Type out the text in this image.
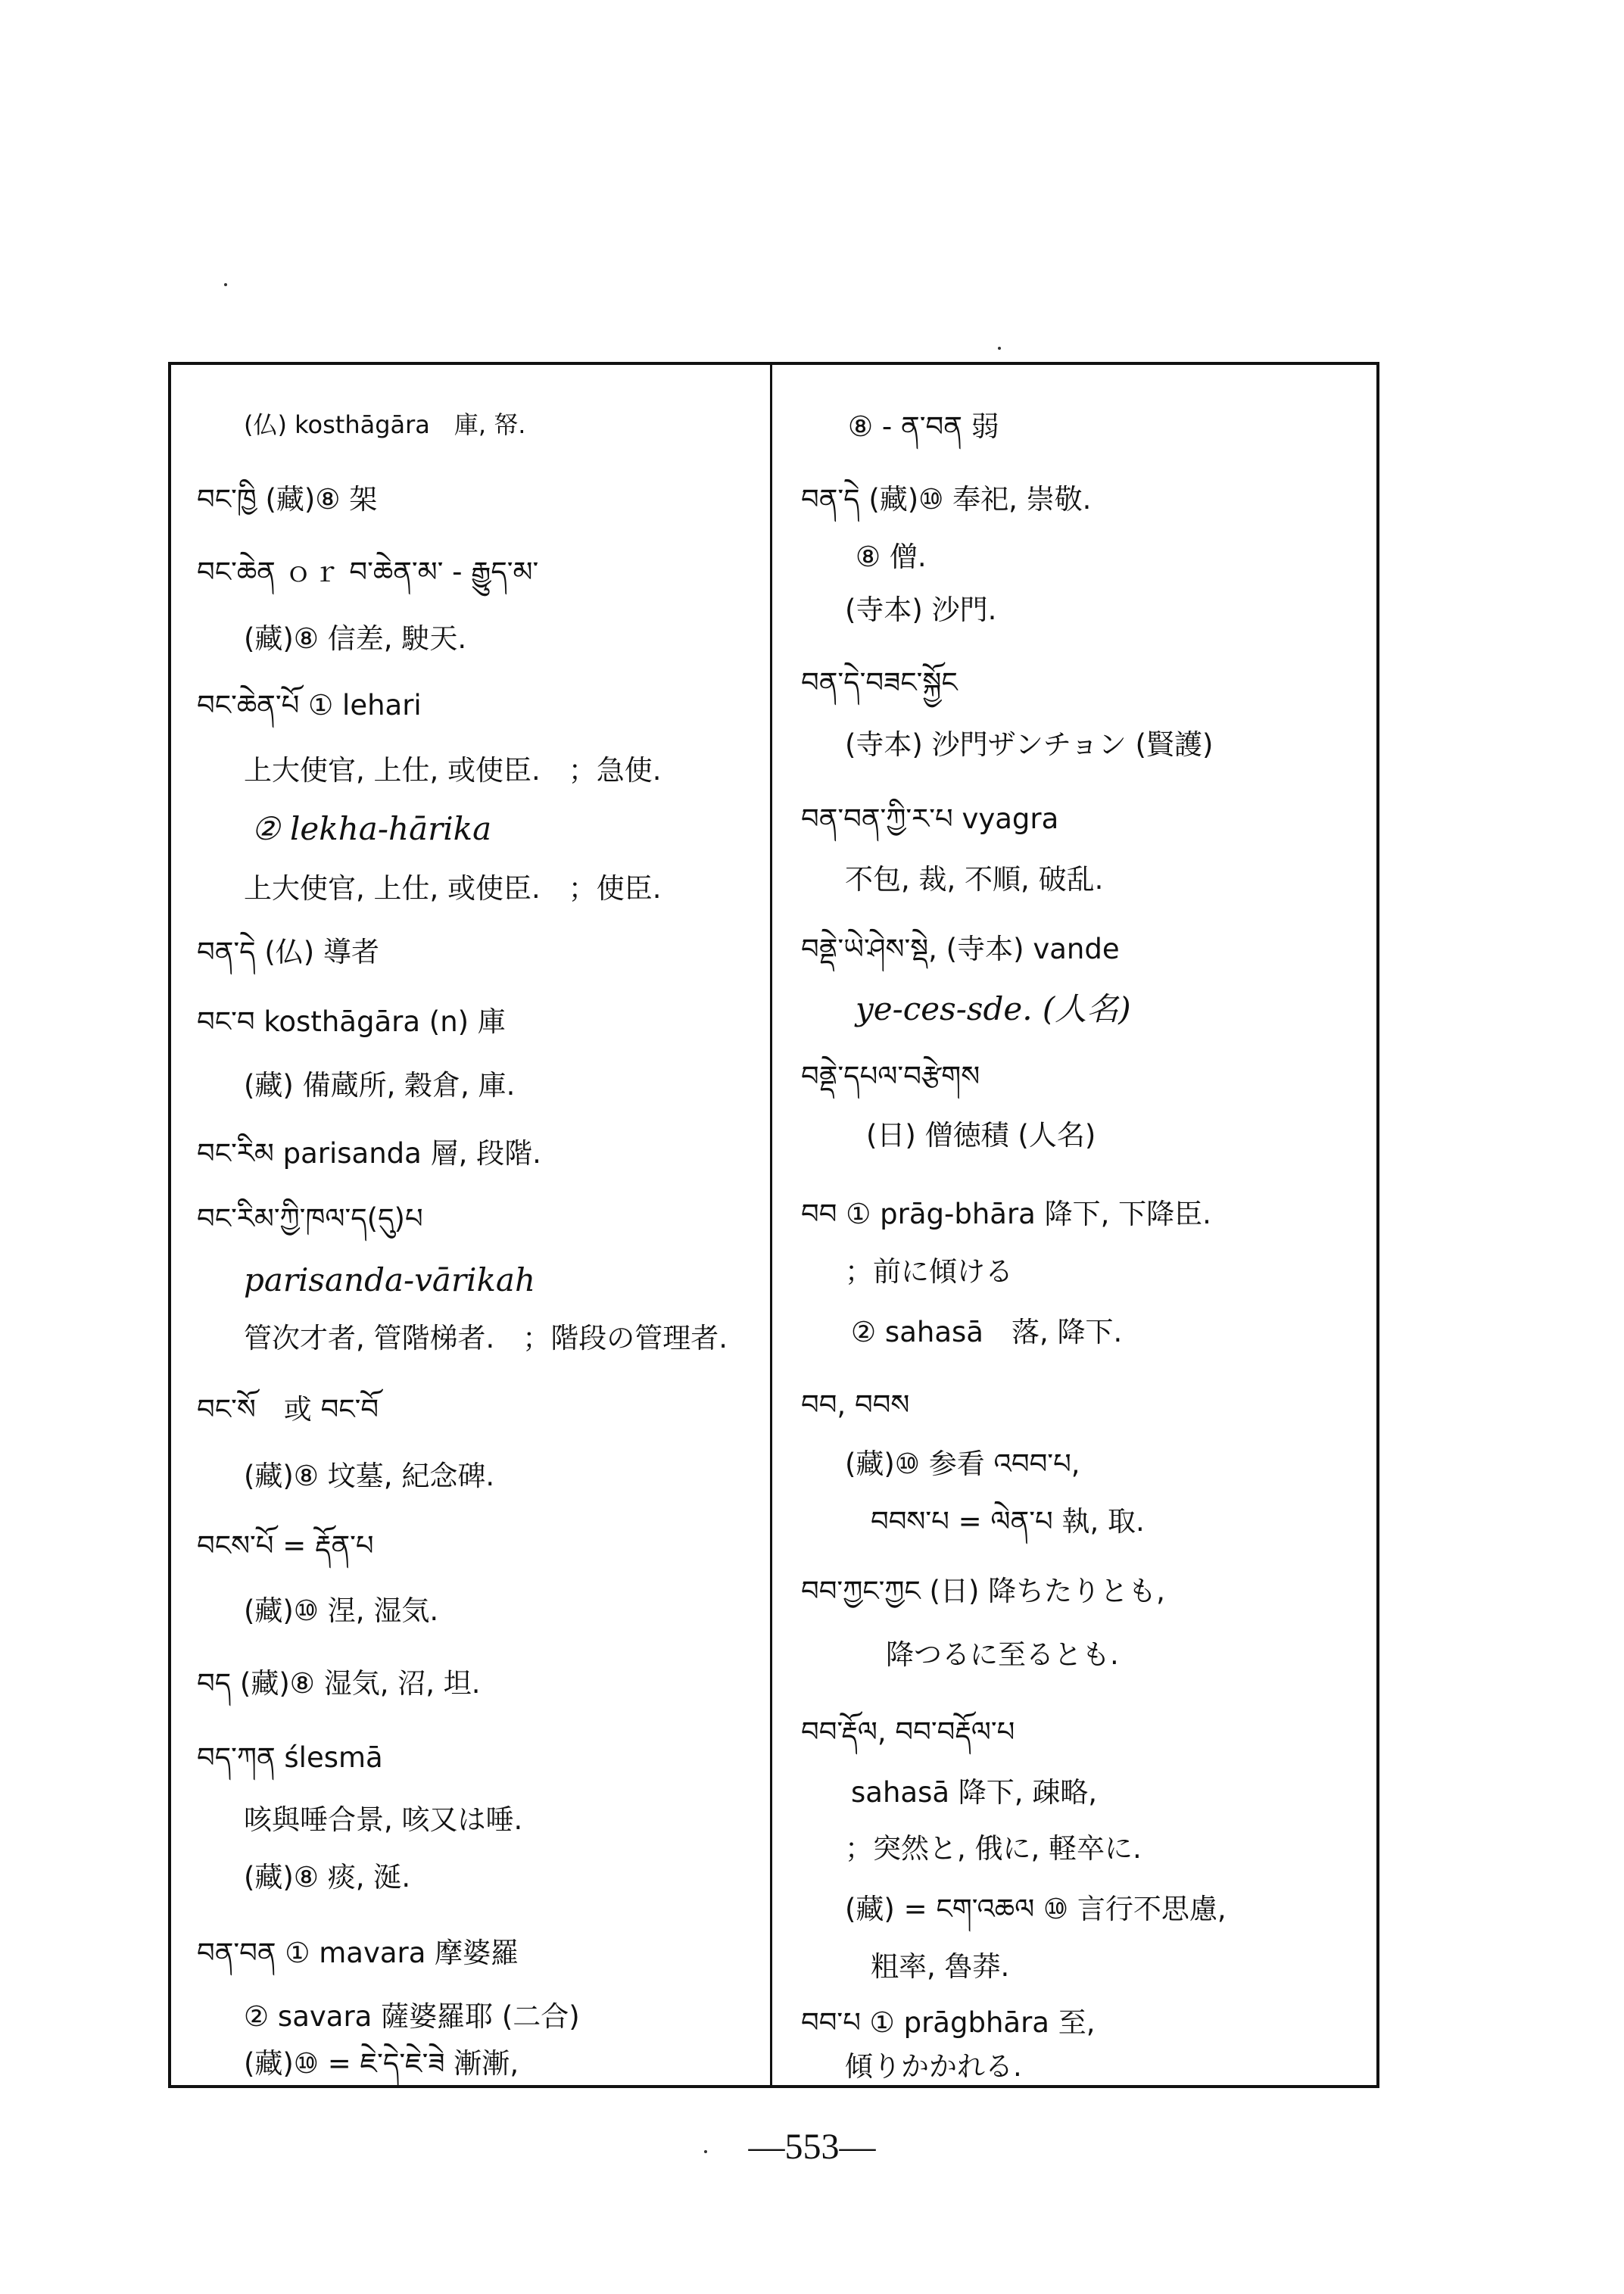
(仏) kosthāgāra　庫, 帑.
བང་ཁྱི (藏)⑧ 架
བང་ཆེན ｏｒ བ་ཆེན་མ་ - རྒྱུད་མ་
(藏)⑧ 信差, 駛天.
བང་ཆེན་པོ ① lehari
上大使官, 上仕, 或使臣.　；急使.
② lekha-hārika
上大使官, 上仕, 或使臣.　；使臣.
བན་དེ (仏) 導者
བང་བ kosthāgāra (n) 庫
(藏) 備蔵所, 穀倉, 庫.
བང་རིམ parisanda 層, 段階.
བང་རིམ་ཀྱི་ཁལ་ད(དུ)པ
parisanda-vārikah
管次才者, 管階梯者.　；階段の管理者.
བང་སོ　或 བང་བོ
(藏)⑧ 坟墓, 紀念碑.
བངས་པོ = རྡོན་པ
(藏)⑩ 涅, 湿気.
བད (藏)⑧ 湿気, 沼, 坦.
བད་ཀན ślesmā
咳與唾合景, 咳又は唾.
(藏)⑧ 痰, 涎.
བན་བན ① mavara 摩婆羅
② savara 薩婆羅耶 (二合)
(藏)⑩ = ཇེ་དེ་ཇེ་ཟེ 漸漸,
⑧ ‐ ན་བན 弱
བན་དེ (藏)⑩ 奉祀, 崇敬.
⑧ 僧.
(寺本) 沙門.
བན་དེ་བཟང་སྐྱོང
(寺本) 沙門ザンチョン (賢護)
བན་བན་ཀྱི་ར་པ vyagra
不包, 裁, 不順, 破乱.
བནྡེ་ཡེ་ཤེས་སྡེ, (寺本) vande
ye-ces-sde. (人名)
བནྡེ་དཔལ་བརྩེགས
(日) 僧徳積 (人名)
བབ ① prāg-bhāra 降下, 下降臣.
；前に傾ける
② sahasā　落, 降下.
བབ, བབས
(藏)⑩ 参看 འབབ་པ,
བབས་པ = ལེན་པ 執, 取.
བབ་ཀྱང་ཀྱང (日) 降ちたりとも,
降つるに至るとも.
བབ་རྡོལ, བབ་བརྡོལ་པ
sahasā 降下, 疎略,
；突然と, 俄に, 軽卒に.
(藏) = ངག་འཆལ ⑩ 言行不思慮,
粗率, 魯莽.
བབ་པ ① prāgbhāra 至,
傾りかかれる.
—553—
